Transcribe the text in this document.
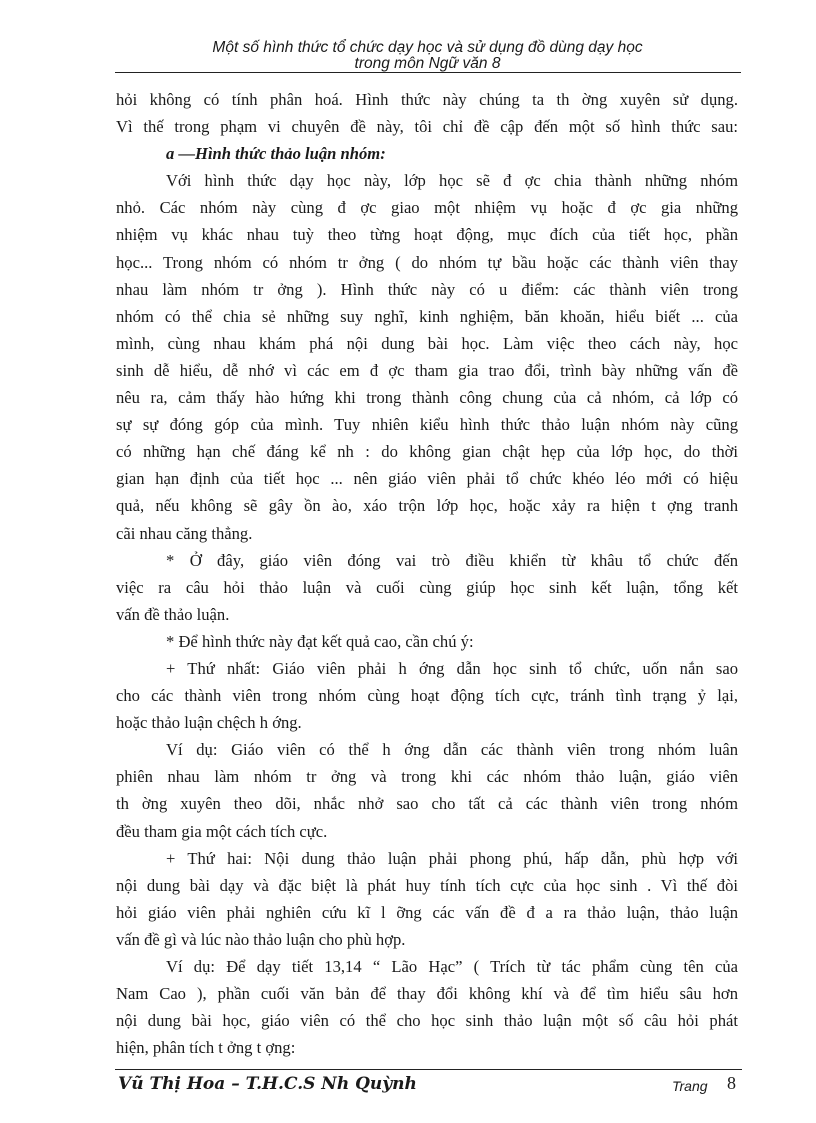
Một số hình thức tổ chức dạy học và sử dụng đồ dùng dạy học
trong môn Ngữ văn 8
hỏi không có tính phân hoá. Hình thức này chúng ta th ờng xuyên sử dụng.
Vì thế trong phạm vi chuyên đề này, tôi chỉ đề cập đến một số hình thức sau:
a —Hình thức thảo luận nhóm:
Với hình thức dạy học này, lớp học sẽ đ ợc chia thành những nhóm
nhỏ. Các nhóm này cùng đ ợc giao một nhiệm vụ hoặc đ ợc gia những
nhiệm vụ khác nhau tuỳ theo từng hoạt động, mục đích của tiết học, phần
học... Trong nhóm có nhóm tr ởng ( do nhóm tự bầu hoặc các thành viên thay
nhau làm nhóm tr ởng ). Hình thức này có u điểm: các thành viên trong
nhóm có thể chia sẻ những suy nghĩ, kinh nghiệm, băn khoăn, hiểu biết ... của
mình, cùng nhau khám phá nội dung bài học. Làm việc theo cách này, học
sinh dễ hiểu, dễ nhớ vì các em đ ợc tham gia trao đổi, trình bày những vấn đề
nêu ra, cảm thấy hào hứng khi trong thành công chung của cả nhóm, cả lớp có
sự sự đóng góp của mình. Tuy nhiên kiểu hình thức thảo luận nhóm này cũng
có những hạn chế đáng kể nh : do không gian chật hẹp của lớp học, do thời
gian hạn định của tiết học ... nên giáo viên phải tổ chức khéo léo mới có hiệu
quả, nếu không sẽ gây ồn ào, xáo trộn lớp học, hoặc xảy ra hiện t ợng tranh
cãi nhau căng thẳng.
* Ở đây, giáo viên đóng vai trò điều khiển từ khâu tổ chức đến
việc ra câu hỏi thảo luận và cuối cùng giúp học sinh kết luận, tổng kết
vấn đề thảo luận.
* Để hình thức này đạt kết quả cao, cần chú ý:
+ Thứ nhất: Giáo viên phải h ớng dẫn học sinh tổ chức, uốn nắn sao
cho các thành viên trong nhóm cùng hoạt động tích cực, tránh tình trạng ỷ lại,
hoặc thảo luận chệch h ớng.
Ví dụ: Giáo viên có thể h ớng dẫn các thành viên trong nhóm luân
phiên nhau làm nhóm tr ởng và trong khi các nhóm thảo luận, giáo viên
th ờng xuyên theo dõi, nhắc nhở sao cho tất cả các thành viên trong nhóm
đều tham gia một cách tích cực.
+ Thứ hai: Nội dung thảo luận phải phong phú, hấp dẫn, phù hợp với
nội dung bài dạy và đặc biệt là phát huy tính tích cực của học sinh . Vì thế đòi
hỏi giáo viên phải nghiên cứu kĩ l ỡng các vấn đề đ a ra thảo luận, thảo luận
vấn đề gì và lúc nào thảo luận cho phù hợp.
Ví dụ: Để dạy tiết 13,14 “ Lão Hạc” ( Trích từ tác phẩm cùng tên của
Nam Cao ), phần cuối văn bản để thay đổi không khí và để tìm hiểu sâu hơn
nội dung bài học, giáo viên có thể cho học sinh thảo luận một số câu hỏi phát
hiện, phân tích t ởng t ợng:
Vũ Thị Hoa – T.H.C.S Nh Quỳnh	Trang 8
